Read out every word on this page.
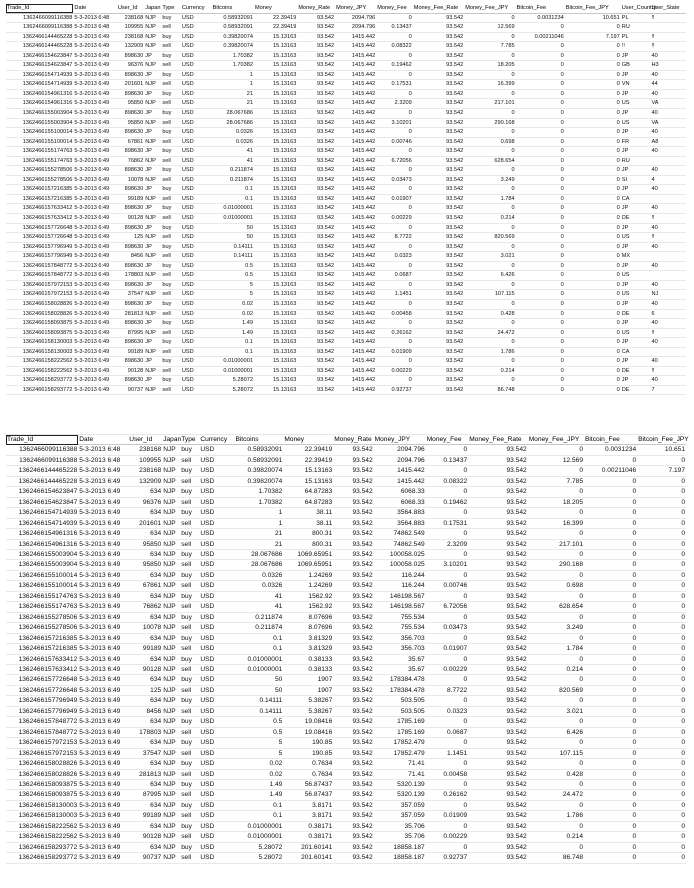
Trade_Id	Date	User_Id	Japan	Type	Currency	Bitcoins	Money	Money_Rate	Money_JPY	Money_Fee	Money_Fee_Rate	Money_Fee_JPY	Bitcoin_Fee	Bitcoin_Fee_JPY	User_Country	User_State
1362466099116388	5-3-2013 6:48	238168	NJP	buy	USD	0.58932091	22.39419	93.542	2094.796	0	93.542	0	0.0031234	10.651	PL	!!
1362466099116388	5-3-2013 6:48	109955	NJP	sell	USD	0.58932091	22.39419	93.542	2094.796	0.13437	93.542	12.569	0	0	RU	
1362466144465228	5-3-2013 6:49	238168	NJP	buy	USD	0.39820074	15.13163	93.542	1415.442	0	93.542	0	0.00211046	7.197	PL	!!
1362466144465228	5-3-2013 6:49	132909	NJP	sell	USD	0.39820074	15.13163	93.542	1415.442	0.08322	93.542	7.785	0	0	!!	!!
1362466154623847	5-3-2013 6:49	898630	JP	buy	USD	1.70382	15.13163	93.542	1415.442	0	93.542	0	0	0	JP	40
1362466154623847	5-3-2013 6:49	96376	NJP	sell	USD	1.70382	15.13163	93.542	1415.442	0.19462	93.542	18.205	0	0	GB	H3
1362466154714939	5-3-2013 6:49	898630	JP	buy	USD	1	15.13163	93.542	1415.442	0	93.542	0	0	0	JP	40
1362466154714939	5-3-2013 6:49	201601	NJP	sell	USD	1	15.13163	93.542	1415.442	0.17531	93.542	16.399	0	0	VN	44
1362466154961316	5-3-2013 6:49	898630	JP	buy	USD	21	15.13163	93.542	1415.442	0	93.542	0	0	0	JP	40
1362466154961316	5-3-2013 6:49	95850	NJP	sell	USD	21	15.13163	93.542	1415.442	2.3209	93.542	217.101	0	0	US	VA
1362466155003904	5-3-2013 6:49	898630	JP	buy	USD	28.067686	15.13163	93.542	1415.442	0	93.542	0	0	0	JP	40
1362466155003904	5-3-2013 6:49	95850	NJP	sell	USD	28.067686	15.13163	93.542	1415.442	3.10201	93.542	290.168	0	0	US	VA
1362466155100014	5-3-2013 6:49	898630	JP	buy	USD	0.0326	15.13163	93.542	1415.442	0	93.542	0	0	0	JP	40
1362466155100014	5-3-2013 6:49	67861	NJP	sell	USD	0.0326	15.13163	93.542	1415.442	0.00746	93.542	0.698	0	0	FR	A8
1362466155174763	5-3-2013 6:49	898630	JP	buy	USD	41	15.13163	93.542	1415.442	0	93.542	0	0	0	JP	40
1362466155174763	5-3-2013 6:49	76862	NJP	sell	USD	41	15.13163	93.542	1415.442	6.72056	93.542	628.654	0	0	RU	
1362466155278506	5-3-2013 6:49	898630	JP	buy	USD	0.211874	15.13163	93.542	1415.442	0	93.542	0	0	0	JP	40
1362466155278506	5-3-2013 6:49	10078	NJP	sell	USD	0.211874	15.13163	93.542	1415.442	0.03473	93.542	3.249	0	0	SI	4
1362466157216385	5-3-2013 6:49	898630	JP	buy	USD	0.1	15.13163	93.542	1415.442	0	93.542	0	0	0	JP	40
1362466157216385	5-3-2013 6:49	99189	NJP	sell	USD	0.1	15.13163	93.542	1415.442	0.01907	93.542	1.784	0	0	CA	
1362466157633412	5-3-2013 6:49	898630	JP	buy	USD	0.01000001	15.13163	93.542	1415.442	0	93.542	0	0	0	JP	40
1362466157633412	5-3-2013 6:49	90128	NJP	sell	USD	0.01000001	15.13163	93.542	1415.442	0.00229	93.542	0.214	0	0	DE	!!
1362466157726648	5-3-2013 6:49	898630	JP	buy	USD	50	15.13163	93.542	1415.442	0	93.542	0	0	0	JP	40
1362466157726648	5-3-2013 6:49	125	NJP	sell	USD	50	15.13163	93.542	1415.442	8.7722	93.542	820.569	0	0	US	!!
1362466157796949	5-3-2013 6:49	898630	JP	buy	USD	0.14111	15.13163	93.542	1415.442	0	93.542	0	0	0	JP	40
1362466157796949	5-3-2013 6:49	8456	NJP	sell	USD	0.14111	15.13163	93.542	1415.442	0.0323	93.542	3.021	0	0	MX	
1362466157848772	5-3-2013 6:49	898630	JP	buy	USD	0.5	15.13163	93.542	1415.442	0	93.542	0	0	0	JP	40
1362466157848772	5-3-2013 6:49	178803	NJP	sell	USD	0.5	15.13163	93.542	1415.442	0.0687	93.542	6.426	0	0	US	
1362466157972153	5-3-2013 6:49	898630	JP	buy	USD	5	15.13163	93.542	1415.442	0	93.542	0	0	0	JP	40
1362466157972153	5-3-2013 6:49	37547	NJP	sell	USD	5	15.13163	93.542	1415.442	1.1451	93.542	107.115	0	0	US	NJ
1362466158028826	5-3-2013 6:49	898630	JP	buy	USD	0.02	15.13163	93.542	1415.442	0	93.542	0	0	0	JP	40
1362466158028826	5-3-2013 6:49	281813	NJP	sell	USD	0.02	15.13163	93.542	1415.442	0.00458	93.542	0.428	0	0	DE	6
1362466158093875	5-3-2013 6:49	898630	JP	buy	USD	1.49	15.13163	93.542	1415.442	0	93.542	0	0	0	JP	40
1362466158093875	5-3-2013 6:49	87995	NJP	sell	USD	1.49	15.13163	93.542	1415.442	0.26162	93.542	24.472	0	0	US	!!
1362466158130003	5-3-2013 6:49	898630	JP	buy	USD	0.1	15.13163	93.542	1415.442	0	93.542	0	0	0	JP	40
1362466158130003	5-3-2013 6:49	99189	NJP	sell	USD	0.1	15.13163	93.542	1415.442	0.01909	93.542	1.786	0	0	CA	
1362466158222562	5-3-2013 6:49	898630	JP	buy	USD	0.01000001	15.13163	93.542	1415.442	0	93.542	0	0	0	JP	40
1362466158222562	5-3-2013 6:49	90128	NJP	sell	USD	0.01000001	15.13163	93.542	1415.442	0.00229	93.542	0.214	0	0	DE	!!
1362466158293772	5-3-2013 6:49	898630	JP	buy	USD	5.28072	15.13163	93.542	1415.442	0	93.542	0	0	0	JP	40
1362466158293772	5-3-2013 6:49	90737	NJP	sell	USD	5.28072	15.13163	93.542	1415.442	0.92737	93.542	86.748	0	0	DE	7
Trade_Id	Date	User_Id	Japan	Type	Currency	Bitcoins	Money	Money_Rate	Money_JPY	Money_Fee	Money_Fee_Rate	Money_Fee_JPY	Bitcoin_Fee	Bitcoin_Fee_JPY
1362466099116388	5-3-2013 6:48	238168	NJP	buy	USD	0.58932091	22.39419	93.542	2094.796	0	93.542	0	0.0031234	10.651
1362466099116388	5-3-2013 6:48	109955	NJP	sell	USD	0.58932091	22.39419	93.542	2094.796	0.13437	93.542	12.569	0	0
1362466144465228	5-3-2013 6:49	238168	NJP	buy	USD	0.39820074	15.13163	93.542	1415.442	0	93.542	0	0.00211046	7.197
1362466144465228	5-3-2013 6:49	132909	NJP	sell	USD	0.39820074	15.13163	93.542	1415.442	0.08322	93.542	7.785	0	0
1362466154623847	5-3-2013 6:49	634	NJP	buy	USD	1.70382	64.87283	93.542	6068.33	0	93.542	0	0	0
1362466154623847	5-3-2013 6:49	96376	NJP	sell	USD	1.70382	64.87283	93.542	6068.33	0.19462	93.542	18.205	0	0
1362466154714939	5-3-2013 6:49	634	NJP	buy	USD	1	38.11	93.542	3564.883	0	93.542	0	0	0
1362466154714939	5-3-2013 6:49	201601	NJP	sell	USD	1	38.11	93.542	3564.883	0.17531	93.542	16.399	0	0
1362466154961316	5-3-2013 6:49	634	NJP	buy	USD	21	800.31	93.542	74862.549	0	93.542	0	0	0
1362466154961316	5-3-2013 6:49	95850	NJP	sell	USD	21	800.31	93.542	74862.549	2.3209	93.542	217.101	0	0
1362466155003904	5-3-2013 6:49	634	NJP	buy	USD	28.067686	1069.65951	93.542	100058.025	0	93.542	0	0	0
1362466155003904	5-3-2013 6:49	95850	NJP	sell	USD	28.067686	1069.65951	93.542	100058.025	3.10201	93.542	290.168	0	0
1362466155100014	5-3-2013 6:49	634	NJP	buy	USD	0.0326	1.24269	93.542	116.244	0	93.542	0	0	0
1362466155100014	5-3-2013 6:49	67861	NJP	sell	USD	0.0326	1.24269	93.542	116.244	0.00746	93.542	0.698	0	0
1362466155174763	5-3-2013 6:49	634	NJP	buy	USD	41	1562.92	93.542	146198.567	0	93.542	0	0	0
1362466155174763	5-3-2013 6:49	76862	NJP	sell	USD	41	1562.92	93.542	146198.567	6.72056	93.542	628.654	0	0
1362466155278506	5-3-2013 6:49	634	NJP	buy	USD	0.211874	8.07696	93.542	755.534	0	93.542	0	0	0
1362466155278506	5-3-2013 6:49	10078	NJP	sell	USD	0.211874	8.07696	93.542	755.534	0.03473	93.542	3.249	0	0
1362466157216385	5-3-2013 6:49	634	NJP	buy	USD	0.1	3.81329	93.542	356.703	0	93.542	0	0	0
1362466157216385	5-3-2013 6:49	99189	NJP	sell	USD	0.1	3.81329	93.542	356.703	0.01907	93.542	1.784	0	0
1362466157633412	5-3-2013 6:49	634	NJP	buy	USD	0.01000001	0.38133	93.542	35.67	0	93.542	0	0	0
1362466157633412	5-3-2013 6:49	90128	NJP	sell	USD	0.01000001	0.38133	93.542	35.67	0.00229	93.542	0.214	0	0
1362466157726648	5-3-2013 6:49	634	NJP	buy	USD	50	1907	93.542	178384.478	0	93.542	0	0	0
1362466157726648	5-3-2013 6:49	125	NJP	sell	USD	50	1907	93.542	178384.478	8.7722	93.542	820.569	0	0
1362466157796949	5-3-2013 6:49	634	NJP	buy	USD	0.14111	5.38267	93.542	503.505	0	93.542	0	0	0
1362466157796949	5-3-2013 6:49	8456	NJP	sell	USD	0.14111	5.38267	93.542	503.505	0.0323	93.542	3.021	0	0
1362466157848772	5-3-2013 6:49	634	NJP	buy	USD	0.5	19.08416	93.542	1785.169	0	93.542	0	0	0
1362466157848772	5-3-2013 6:49	178803	NJP	sell	USD	0.5	19.08416	93.542	1785.169	0.0687	93.542	6.426	0	0
1362466157972153	5-3-2013 6:49	634	NJP	buy	USD	5	190.85	93.542	17852.479	0	93.542	0	0	0
1362466157972153	5-3-2013 6:49	37547	NJP	sell	USD	5	190.85	93.542	17852.479	1.1451	93.542	107.115	0	0
1362466158028826	5-3-2013 6:49	634	NJP	buy	USD	0.02	0.7634	93.542	71.41	0	93.542	0	0	0
1362466158028826	5-3-2013 6:49	281813	NJP	sell	USD	0.02	0.7634	93.542	71.41	0.00458	93.542	0.428	0	0
1362466158093875	5-3-2013 6:49	634	NJP	buy	USD	1.49	56.87437	93.542	5320.139	0	93.542	0	0	0
1362466158093875	5-3-2013 6:49	87995	NJP	sell	USD	1.49	56.87437	93.542	5320.139	0.26162	93.542	24.472	0	0
1362466158130003	5-3-2013 6:49	634	NJP	buy	USD	0.1	3.8171	93.542	357.059	0	93.542	0	0	0
1362466158130003	5-3-2013 6:49	99189	NJP	sell	USD	0.1	3.8171	93.542	357.059	0.01909	93.542	1.786	0	0
1362466158222562	5-3-2013 6:49	634	NJP	buy	USD	0.01000001	0.38171	93.542	35.706	0	93.542	0	0	0
1362466158222562	5-3-2013 6:49	90128	NJP	sell	USD	0.01000001	0.38171	93.542	35.706	0.00229	93.542	0.214	0	0
1362466158293772	5-3-2013 6:49	634	NJP	buy	USD	5.28072	201.60141	93.542	18858.187	0	93.542	0	0	0
1362466158293772	5-3-2013 6:49	90737	NJP	sell	USD	5.28072	201.60141	93.542	18858.187	0.92737	93.542	86.748	0	0
